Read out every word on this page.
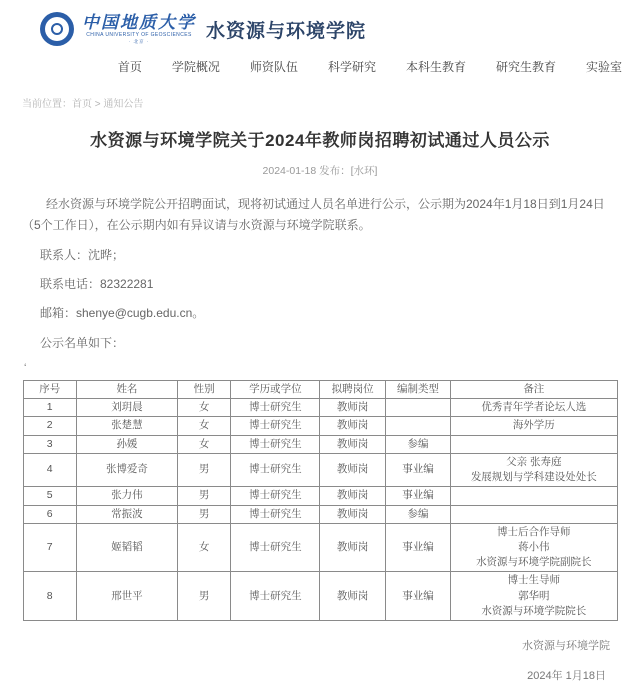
中国地质大学
CHINA UNIVERSITY OF GEOSCIENCES
· 北京 ·	水资源与环境学院
首页	学院概况	师资队伍	科学研究	本科生教育	研究生教育	实验室
当前位置：首页 > 通知公告
水资源与环境学院关于2024年教师岗招聘初试通过人员公示
2024-01-18 发布：[水环]
经水资源与环境学院公开招聘面试，现将初试通过人员名单进行公示，公示期为2024年1月18日到1月24日（5个工作日），在公示期内如有异议请与水资源与环境学院联系。
联系人：沈晔；
联系电话：82322281
邮箱：shenye@cugb.edu.cn。
公示名单如下：
‘
序号	姓名	性别	学历或学位	拟聘岗位	编制类型	备注
1	刘玥晨	女	博士研究生	教师岗		优秀青年学者论坛人选

2	张楚慧	女	博士研究生	教师岗		海外学历

3	孙媛	女	博士研究生	教师岗	参编	
4	张博爱奇	男	博士研究生	教师岗	事业编	父亲 张寿庭
发展规划与学科建设处处长

5	张力伟	男	博士研究生	教师岗	事业编	
6	常振波	男	博士研究生	教师岗	参编	
7	姬韬韬	女	博士研究生	教师岗	事业编	博士后合作导师
蒋小伟
水资源与环境学院副院长

8	邢世平	男	博士研究生	教师岗	事业编	博士生导师
郭华明
水资源与环境学院院长
水资源与环境学院
2024年 1月18日
